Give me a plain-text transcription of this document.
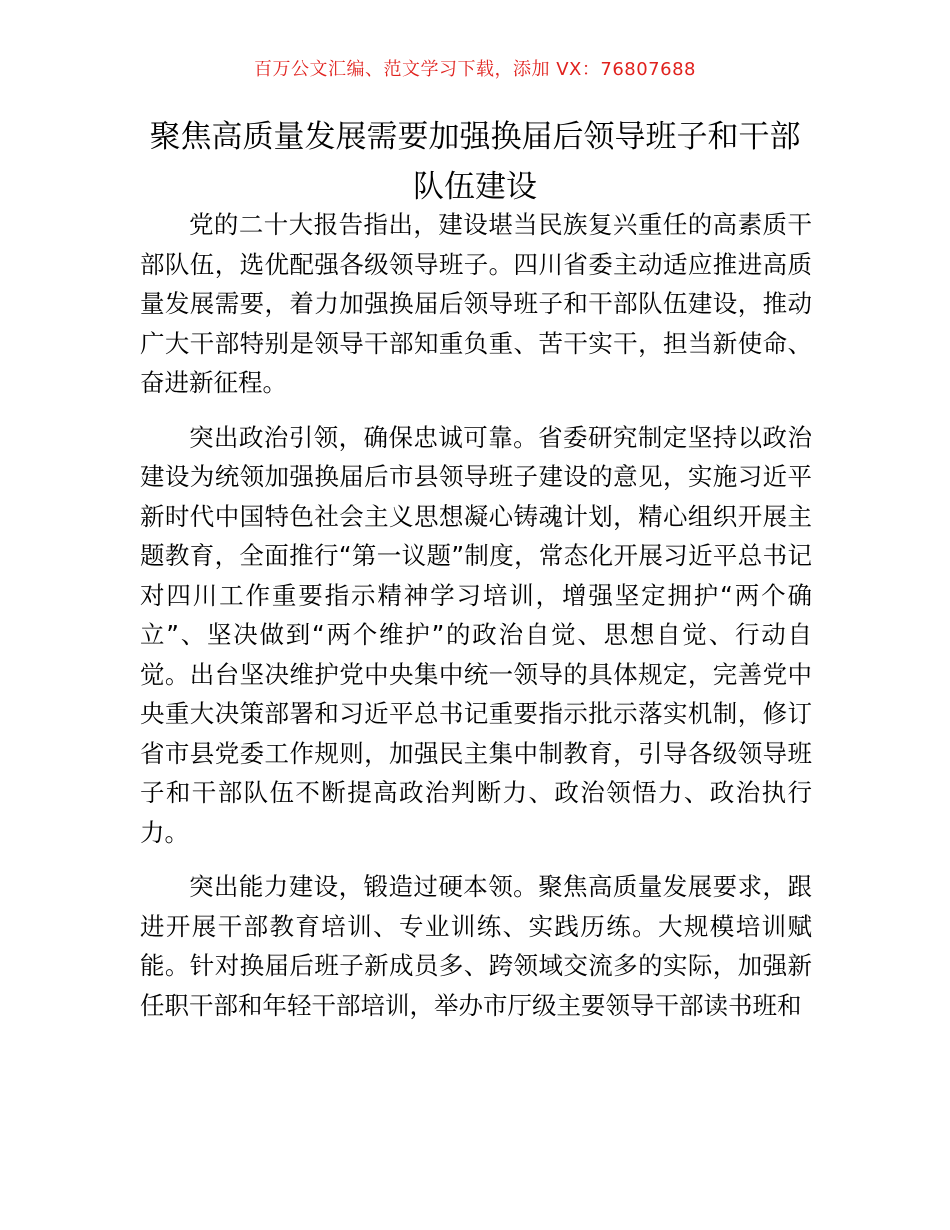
百万公文汇编、范文学习下载，添加 VX：76807688
聚焦高质量发展需要加强换届后领导班子和干部队伍建设

党的二十大报告指出，建设堪当民族复兴重任的高素质干部队伍，选优配强各级领导班子。四川省委主动适应推进高质量发展需要，着力加强换届后领导班子和干部队伍建设，推动广大干部特别是领导干部知重负重、苦干实干，担当新使命、奋进新征程。

突出政治引领，确保忠诚可靠。省委研究制定坚持以政治建设为统领加强换届后市县领导班子建设的意见，实施习近平新时代中国特色社会主义思想凝心铸魂计划，精心组织开展主题教育，全面推行“第一议题”制度，常态化开展习近平总书记对四川工作重要指示精神学习培训，增强坚定拥护“两个确立”、坚决做到“两个维护”的政治自觉、思想自觉、行动自觉。出台坚决维护党中央集中统一领导的具体规定，完善党中央重大决策部署和习近平总书记重要指示批示落实机制，修订省市县党委工作规则，加强民主集中制教育，引导各级领导班子和干部队伍不断提高政治判断力、政治领悟力、政治执行力。

突出能力建设，锻造过硬本领。聚焦高质量发展要求，跟进开展干部教育培训、专业训练、实践历练。大规模培训赋能。针对换届后班子新成员多、跨领域交流多的实际，加强新任职干部和年轻干部培训，举办市厅级主要领导干部读书班和
